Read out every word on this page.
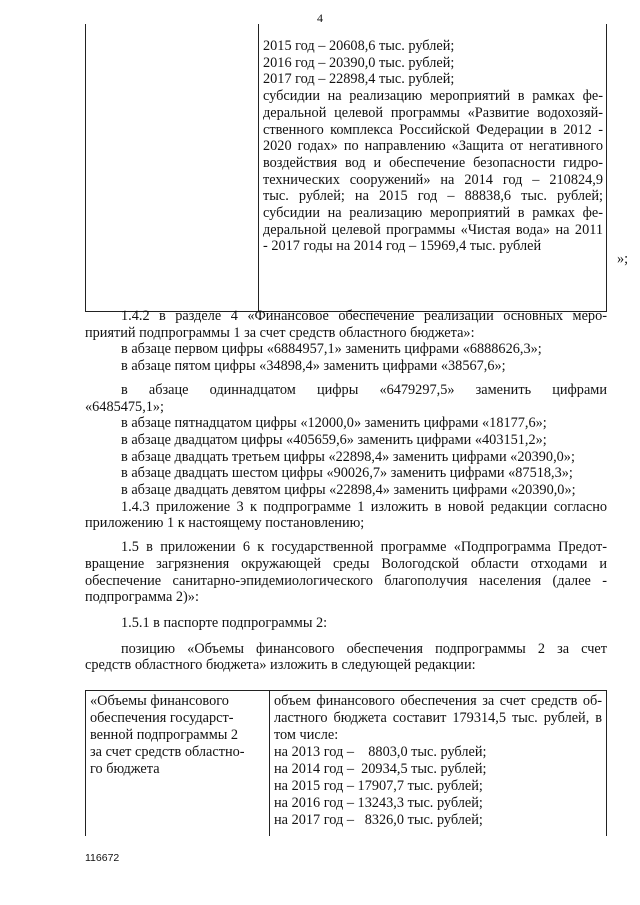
4
2015 год – 20608,6 тыс. рублей;
2016 год – 20390,0 тыс. рублей;
2017 год – 22898,4 тыс. рублей;
субсидии на реализацию мероприятий в рамках фе-
деральной целевой программы «Развитие водохозяй-
ственного комплекса Российской Федерации в 2012 -
2020 годах» по направлению «Защита от негативного
воздействия вод и обеспечение безопасности гидро-
технических сооружений» на 2014 год – 210824,9
тыс. рублей; на 2015 год – 88838,6 тыс. рублей;
субсидии на реализацию мероприятий в рамках фе-
деральной целевой программы «Чистая вода» на 2011
- 2017 годы на 2014 год – 15969,4 тыс. рублей
»;
1.4.2 в разделе 4 «Финансовое обеспечение реализации основных меро-
приятий подпрограммы 1 за счет средств областного бюджета»:
в абзаце первом цифры «6884957,1» заменить цифрами «6888626,3»;
в абзаце пятом цифры «34898,4» заменить цифрами «38567,6»;
в абзаце одиннадцатом цифры «6479297,5» заменить цифрами
«6485475,1»;
в абзаце пятнадцатом цифры «12000,0» заменить цифрами «18177,6»;
в абзаце двадцатом цифры «405659,6» заменить цифрами «403151,2»;
в абзаце двадцать третьем цифры «22898,4» заменить цифрами «20390,0»;
в абзаце двадцать шестом цифры «90026,7» заменить цифрами «87518,3»;
в абзаце двадцать девятом цифры «22898,4» заменить цифрами «20390,0»;
1.4.3 приложение 3 к подпрограмме 1 изложить в новой редакции согласно
приложению 1 к настоящему постановлению;
1.5 в приложении 6 к государственной программе «Подпрограмма Предот-
вращение загрязнения окружающей среды Вологодской области отходами и
обеспечение санитарно-эпидемиологического благополучия населения (далее -
подпрограмма 2)»:
1.5.1 в паспорте подпрограммы 2:
позицию «Объемы финансового обеспечения подпрограммы 2 за счет
средств областного бюджета» изложить в следующей редакции:
«Объемы финансового
обеспечения государст-
венной подпрограммы 2
за счет средств областно-
го бюджета
объем финансового обеспечения за счет средств об-
ластного бюджета составит 179314,5 тыс. рублей, в
том числе:
на 2013 год –    8803,0 тыс. рублей;
на 2014 год –  20934,5 тыс. рублей;
на 2015 год – 17907,7 тыс. рублей;
на 2016 год – 13243,3 тыс. рублей;
на 2017 год –   8326,0 тыс. рублей;
116672
